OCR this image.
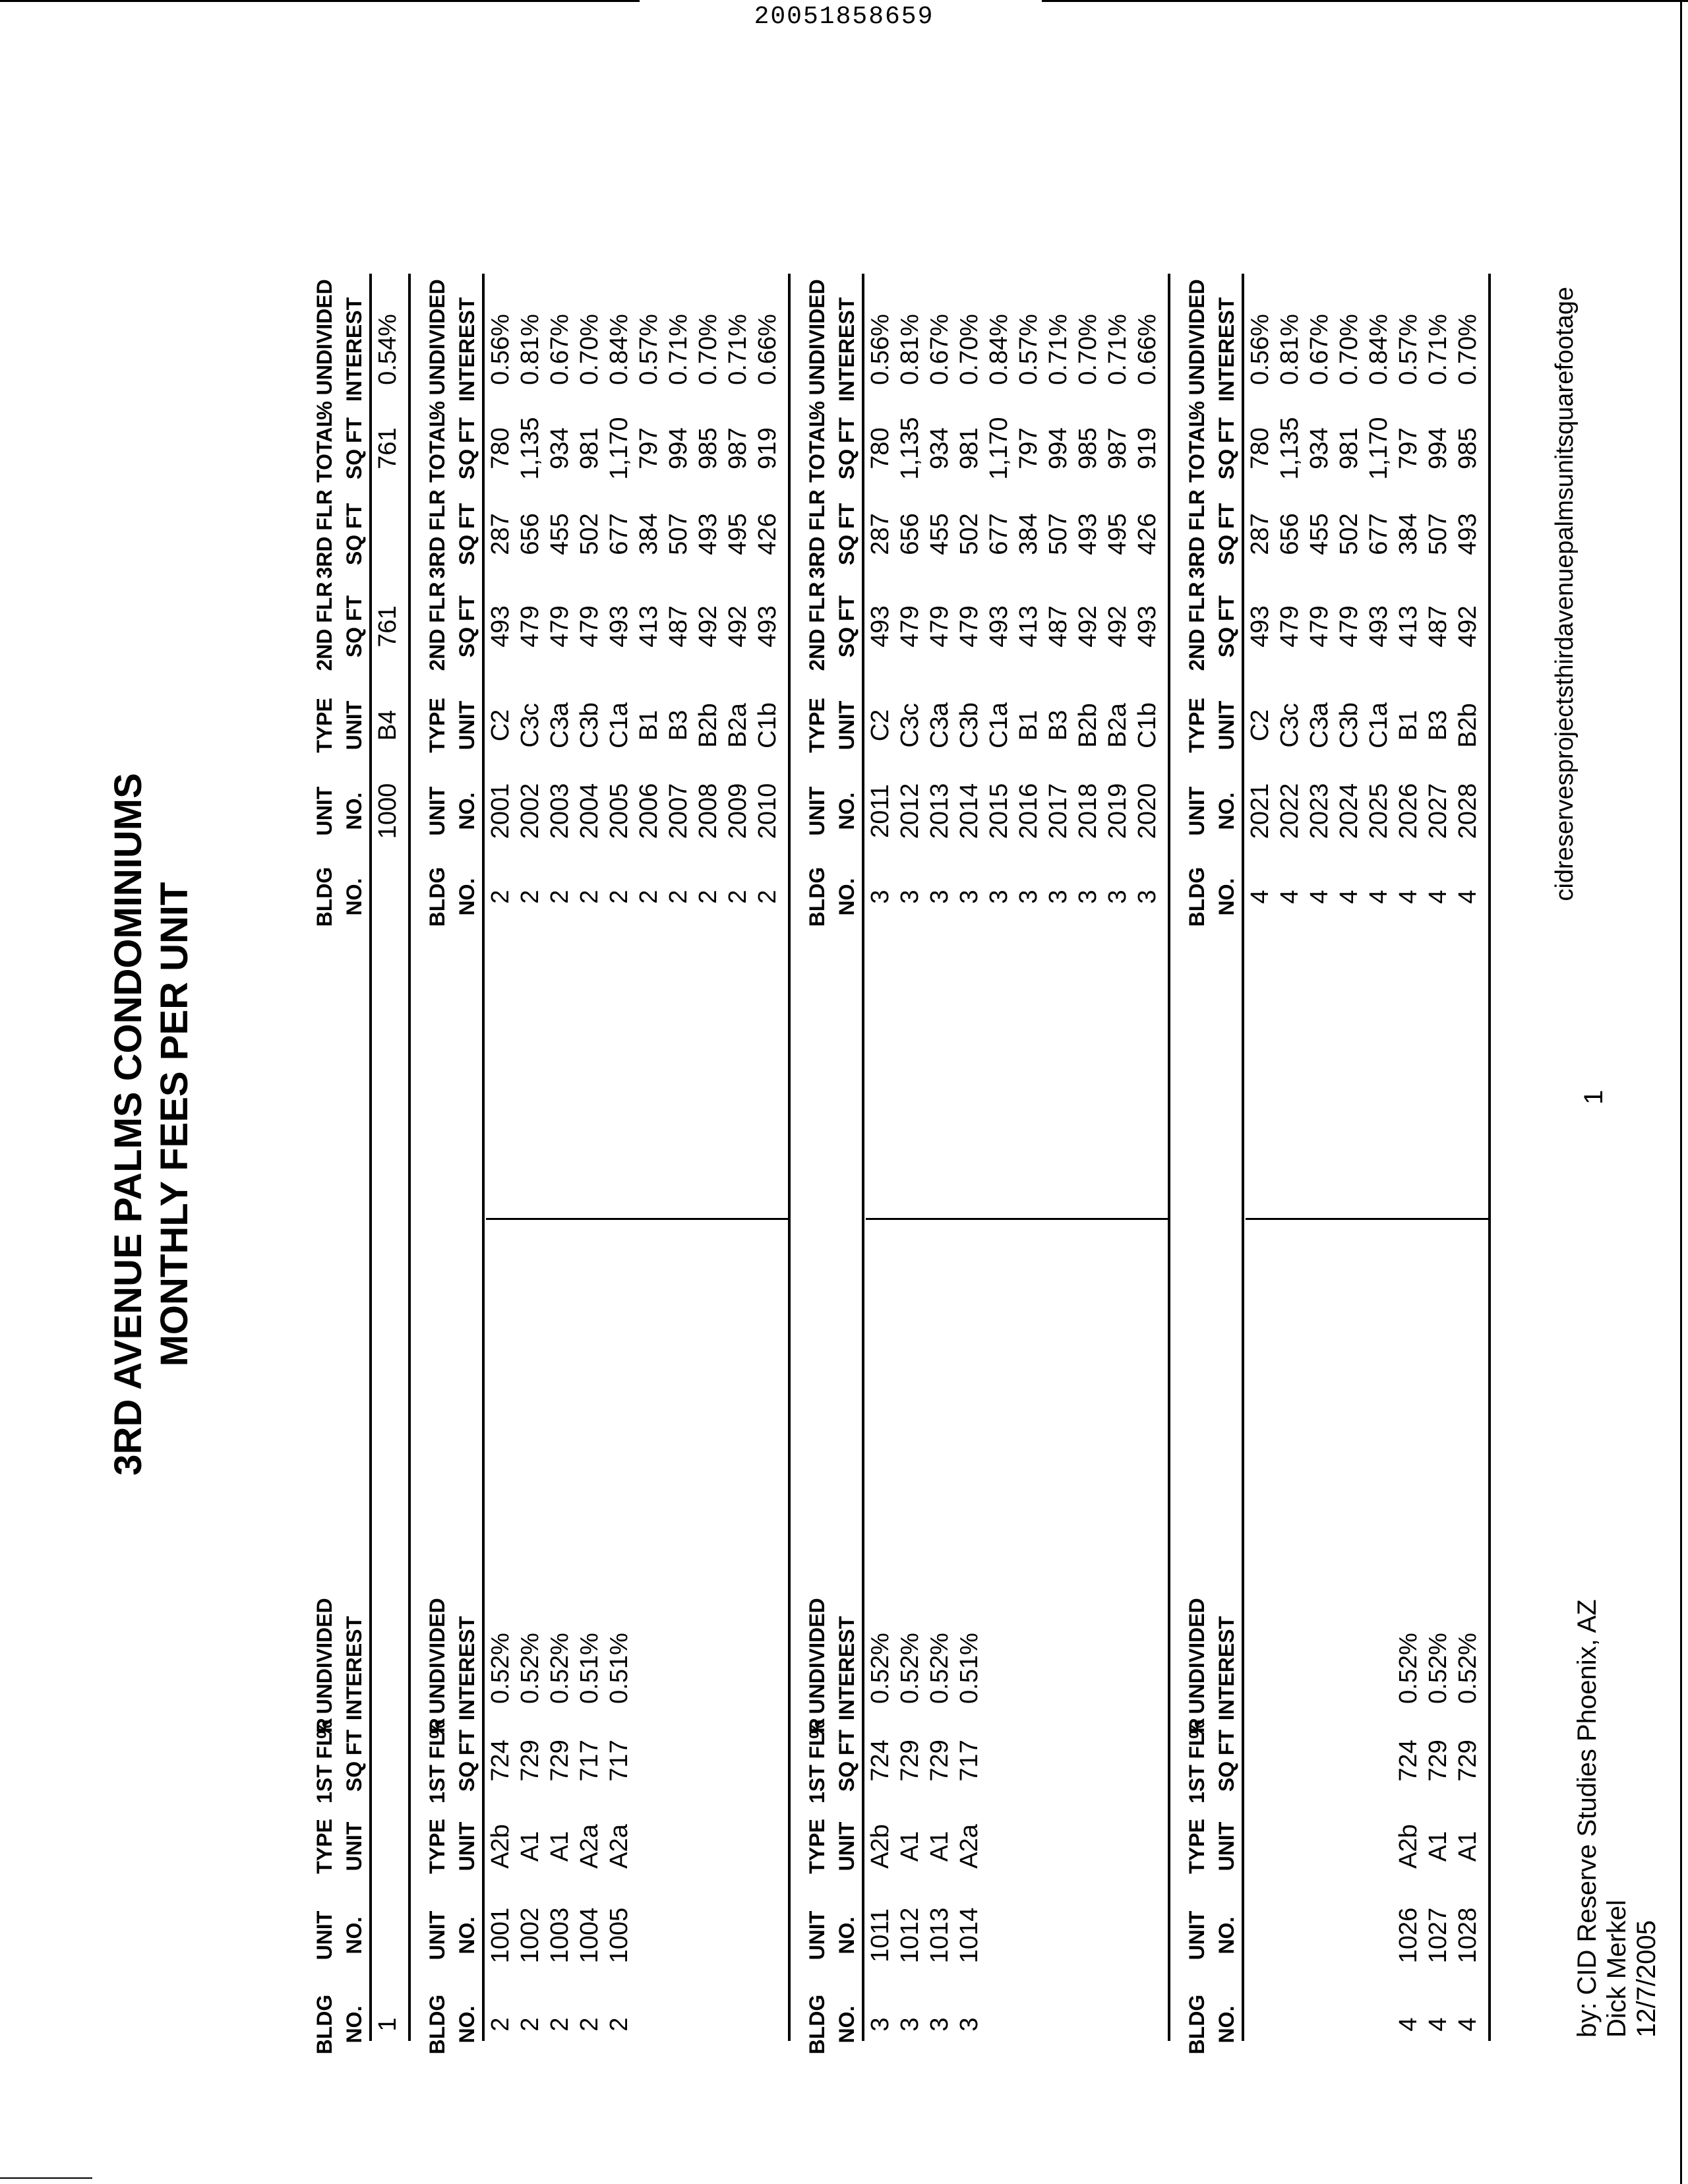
20051858659
3RD AVENUE PALMS CONDOMINIUMS MONTHLY FEES PER UNIT
BLDG
UNIT
TYPE
1ST FLR
% UNDIVIDED
BLDG
UNIT
TYPE
2ND FLR
3RD FLR
TOTAL
% UNDIVIDED
NO.
NO.
UNIT
SQ FT
INTEREST
NO.
NO.
UNIT
SQ FT
SQ FT
SQ FT
INTEREST
1
1000
B4
761
761
0.54%
BLDG
UNIT
TYPE
1ST FLR
% UNDIVIDED
BLDG
UNIT
TYPE
2ND FLR
3RD FLR
TOTAL
% UNDIVIDED
NO.
NO.
UNIT
SQ FT
INTEREST
NO.
NO.
UNIT
SQ FT
SQ FT
SQ FT
INTEREST
2
1001
A2b
724
0.52%
2
2001
C2
493
287
780
0.56%
2
1002
A1
729
0.52%
2
2002
C3c
479
656
1,135
0.81%
2
1003
A1
729
0.52%
2
2003
C3a
479
455
934
0.67%
2
1004
A2a
717
0.51%
2
2004
C3b
479
502
981
0.70%
2
1005
A2a
717
0.51%
2
2005
C1a
493
677
1,170
0.84%
2
2006
B1
413
384
797
0.57%
2
2007
B3
487
507
994
0.71%
2
2008
B2b
492
493
985
0.70%
2
2009
B2a
492
495
987
0.71%
2
2010
C1b
493
426
919
0.66%
BLDG
UNIT
TYPE
1ST FLR
% UNDIVIDED
BLDG
UNIT
TYPE
2ND FLR
3RD FLR
TOTAL
% UNDIVIDED
NO.
NO.
UNIT
SQ FT
INTEREST
NO.
NO.
UNIT
SQ FT
SQ FT
SQ FT
INTEREST
3
1011
A2b
724
0.52%
3
2011
C2
493
287
780
0.56%
3
1012
A1
729
0.52%
3
2012
C3c
479
656
1,135
0.81%
3
1013
A1
729
0.52%
3
2013
C3a
479
455
934
0.67%
3
1014
A2a
717
0.51%
3
2014
C3b
479
502
981
0.70%
3
2015
C1a
493
677
1,170
0.84%
3
2016
B1
413
384
797
0.57%
3
2017
B3
487
507
994
0.71%
3
2018
B2b
492
493
985
0.70%
3
2019
B2a
492
495
987
0.71%
3
2020
C1b
493
426
919
0.66%
BLDG
UNIT
TYPE
1ST FLR
% UNDIVIDED
BLDG
UNIT
TYPE
2ND FLR
3RD FLR
TOTAL
% UNDIVIDED
NO.
NO.
UNIT
SQ FT
INTEREST
NO.
NO.
UNIT
SQ FT
SQ FT
SQ FT
INTEREST
4
2021
C2
493
287
780
0.56%
4
2022
C3c
479
656
1,135
0.81%
4
2023
C3a
479
455
934
0.67%
4
2024
C3b
479
502
981
0.70%
4
2025
C1a
493
677
1,170
0.84%
4
1026
A2b
724
0.52%
4
2026
B1
413
384
797
0.57%
4
1027
A1
729
0.52%
4
2027
B3
487
507
994
0.71%
4
1028
A1
729
0.52%
4
2028
B2b
492
493
985
0.70%
by: CID Reserve Studies Phoenix, AZ Dick Merkel 12/7/2005
1
cidreservesprojectsthirdavenuepalmsunitsquarefootage
